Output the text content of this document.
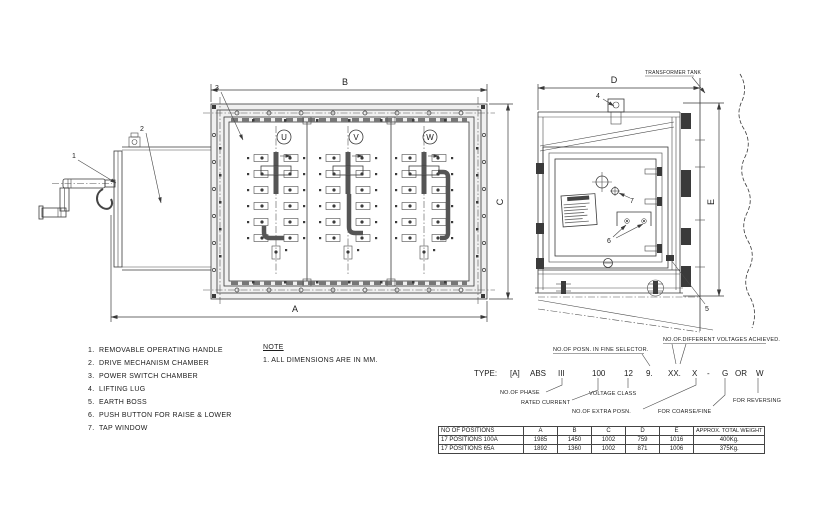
U	V	W
B
A
C
D
E
1
2
3
4
5
6
7
TRANSFORMER TANK
TYPE: [A] ABS III	100 12 9. XX. X - G OR W
NO.OF POSN. IN FINE SELECTOR.
NO.OF.DIFFERENT VOLTAGES ACHIEVED.
NO.OF PHASE
RATED CURRENT
VOLTAGE CLASS
NO.OF EXTRA POSN.	FOR COARSE/FINE
FOR REVERSING
1. REMOVABLE OPERATING HANDLE
2. DRIVE MECHANISM CHAMBER
3. POWER SWITCH CHAMBER
4. LIFTING LUG
5. EARTH BOSS
6. PUSH BUTTON FOR RAISE & LOWER
7. TAP WINDOW
NOTE
1. ALL DIMENSIONS ARE IN MM.
NO OF POSITIONS	A	B	C	D	E	APPROX. TOTAL WEIGHT
17 POSITIONS 100A	1985	1450	1002	759	1016	400Kg.
17 POSITIONS 65A	1892	1360	1002	871	1006	375Kg.
